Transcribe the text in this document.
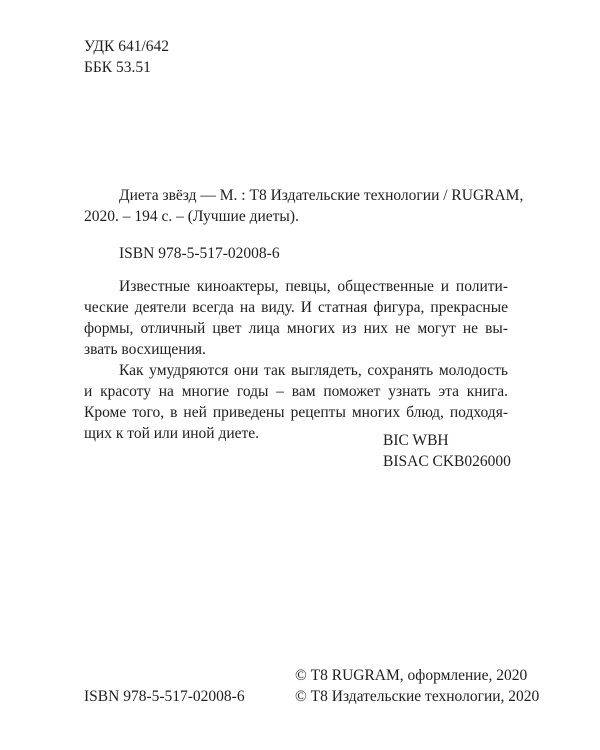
УДК 641/642
ББК 53.51
Диета звёзд — М. : Т8 Издательские технологии / RUGRAM,
2020. – 194 с. – (Лучшие диеты).
ISBN 978-5-517-02008-6
Известные киноактеры, певцы, общественные и полити-
ческие деятели всегда на виду. И статная фигура, прекрасные
формы, отличный цвет лица многих из них не могут не вы-
звать восхищения.
Как умудряются они так выглядеть, сохранять молодость
и красоту на многие годы – вам поможет узнать эта книга.
Кроме того, в ней приведены рецепты многих блюд, подходя-
щих к той или иной диете.	BIC WBH
BISAC CKB026000
ISBN 978-5-517-02008-6
© Т8 RUGRAM, оформление, 2020
© Т8 Издательские технологии, 2020
